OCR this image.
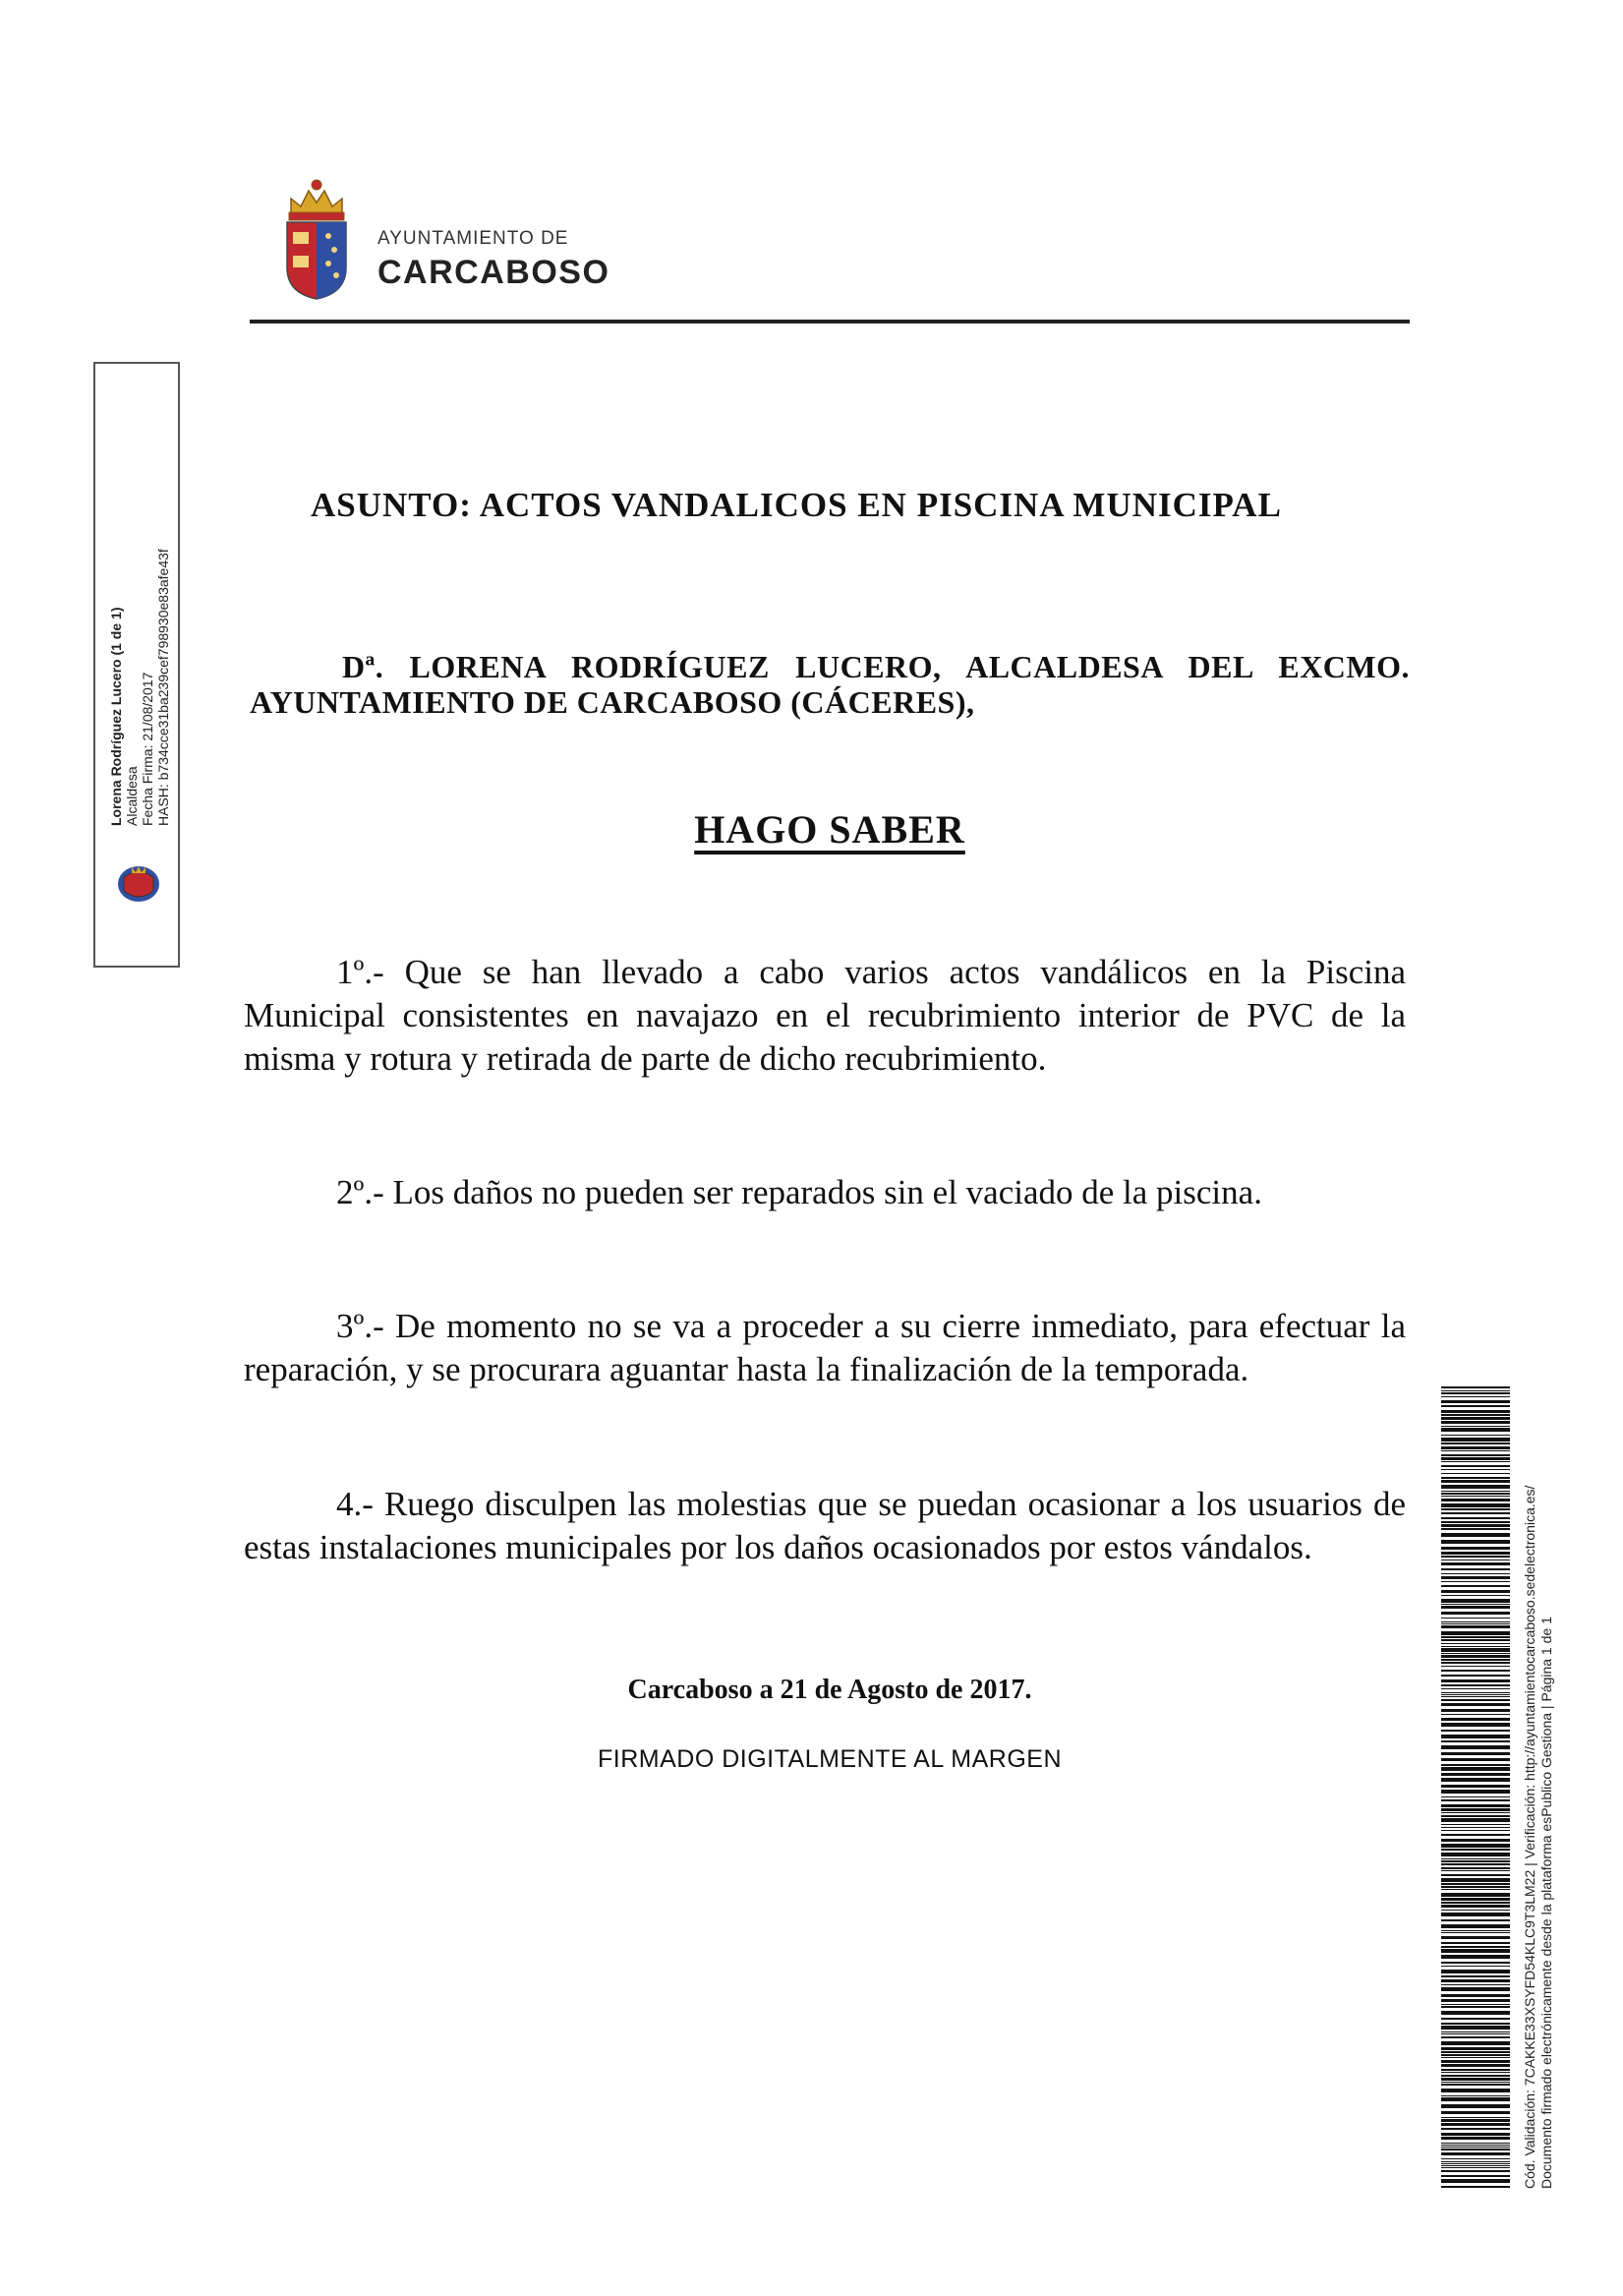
AYUNTAMIENTO DE
CARCABOSO
ASUNTO: ACTOS VANDALICOS EN PISCINA MUNICIPAL
Dª. LORENA RODRÍGUEZ LUCERO, ALCALDESA DEL EXCMO.
AYUNTAMIENTO DE CARCABOSO (CÁCERES),
HAGO SABER
1º.- Que se han llevado a cabo varios actos vandálicos en la Piscina Municipal consistentes en navajazo en el recubrimiento interior de PVC de la misma y rotura y retirada de parte de dicho recubrimiento.
2º.- Los daños no pueden ser reparados sin el vaciado de la piscina.
3º.- De momento no se va a proceder a su cierre inmediato, para efectuar la reparación, y se procurara aguantar hasta la finalización de la temporada.
4.- Ruego disculpen las molestias que se puedan ocasionar a los usuarios de estas instalaciones municipales por los daños ocasionados por estos vándalos.
Carcaboso a 21 de Agosto de 2017.
FIRMADO DIGITALMENTE AL MARGEN
Lorena Rodríguez Lucero (1 de 1) Alcaldesa Fecha Firma: 21/08/2017 HASH: b734cce31ba239cef798930e83afe43f
Cód. Validación: 7CAKKE33XSYFD54KLC9T3LM22 | Verificación: http://ayuntamientocarcaboso.sedelectronica.es/ Documento firmado electrónicamente desde la plataforma esPublico Gestiona | Página 1 de 1
